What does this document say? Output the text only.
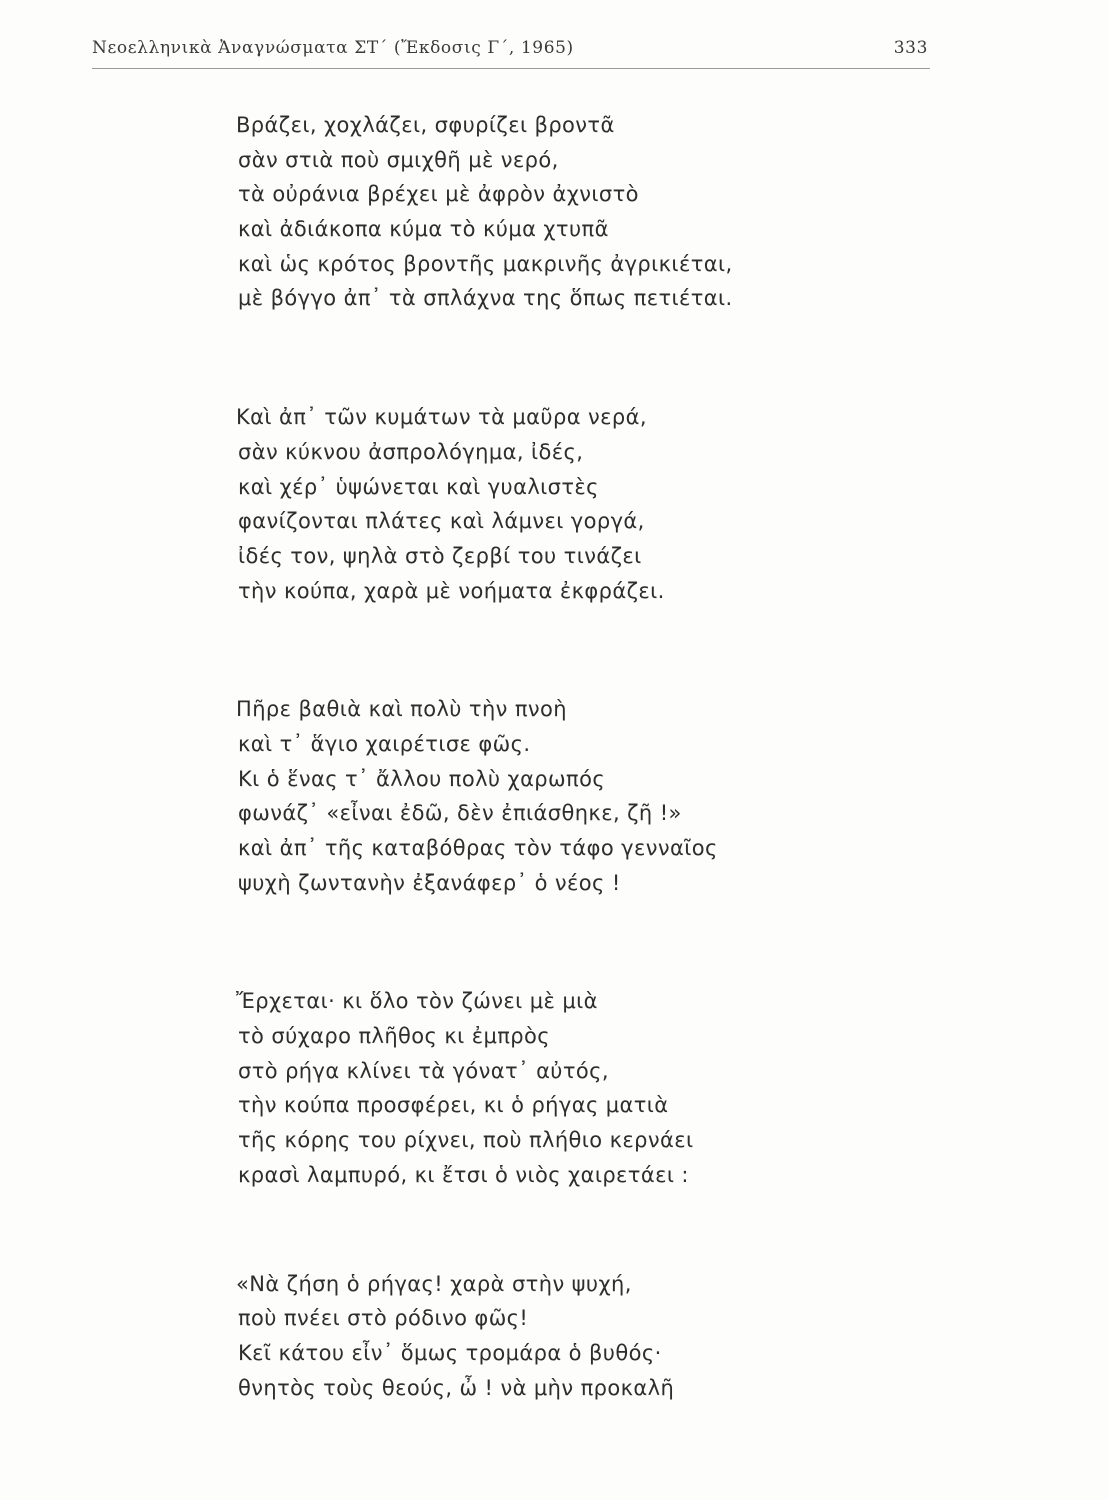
Νεοελληνικὰ Ἀναγνώσματα ΣΤ΄ (Ἔκδοσις Γ΄, 1965)	333
Βράζει, χοχλάζει, σφυρίζει βροντᾶ
σὰν στιὰ ποὺ σμιχθῆ μὲ νερό,
τὰ οὐράνια βρέχει μὲ ἀφρὸν ἀχνιστὸ
καὶ ἀδιάκοπα κύμα τὸ κύμα χτυπᾶ
καὶ ὡς κρότος βροντῆς μακρινῆς ἀγρικιέται,
μὲ βόγγο ἀπ᾽ τὰ σπλάχνα της ὅπως πετιέται.
Καὶ ἀπ᾽ τῶν κυμάτων τὰ μαῦρα νερά,
σὰν κύκνου ἀσπρολόγημα, ἰδές,
καὶ χέρ᾽ ὑψώνεται καὶ γυαλιστὲς
φανίζονται πλάτες καὶ λάμνει γοργά,
ἰδές τον, ψηλὰ στὸ ζερβί του τινάζει
τὴν κούπα, χαρὰ μὲ νοήματα ἐκφράζει.
Πῆρε βαθιὰ καὶ πολὺ τὴν πνοὴ
καὶ τ᾽ ἅγιο χαιρέτισε φῶς.
Κι ὁ ἕνας τ᾽ ἄλλου πολὺ χαρωπός
φωνάζ᾽ «εἶναι ἐδῶ, δὲν ἐπιάσθηκε, ζῆ !»
καὶ ἀπ᾽ τῆς καταβόθρας τὸν τάφο γενναῖος
ψυχὴ ζωντανὴν ἐξανάφερ᾽ ὁ νέος !
Ἔρχεται· κι ὅλο τὸν ζώνει μὲ μιὰ
τὸ σύχαρο πλῆθος κι ἐμπρὸς
στὸ ρήγα κλίνει τὰ γόνατ᾽ αὐτός,
τὴν κούπα προσφέρει, κι ὁ ρήγας ματιὰ
τῆς κόρης του ρίχνει, ποὺ πλήθιο κερνάει
κρασὶ λαμπυρό, κι ἔτσι ὁ νιὸς χαιρετάει :
«Νὰ ζήση ὁ ρήγας! χαρὰ στὴν ψυχή,
ποὺ πνέει στὸ ρόδινο φῶς!
Κεῖ κάτου εἶν᾽ ὅμως τρομάρα ὁ βυθός·
θνητὸς τοὺς θεούς, ὦ ! νὰ μὴν προκαλῆ
